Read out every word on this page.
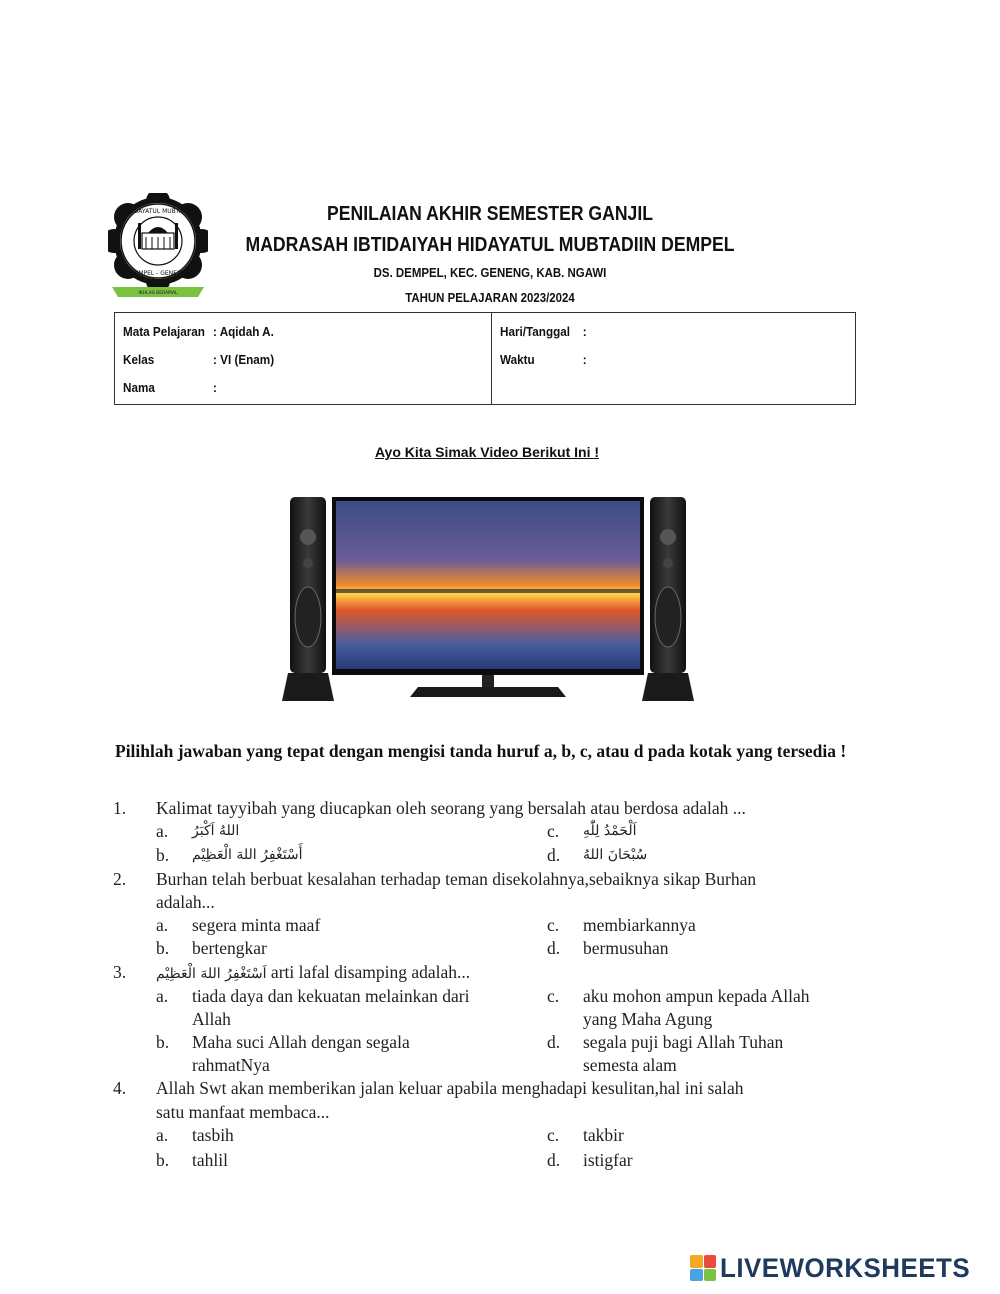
MI HIDAYATUL MUBTADI'IN
DEMPEL - GENENG
IKHLAS BERAMAL
PENILAIAN AKHIR SEMESTER GANJIL
MADRASAH IBTIDAIYAH HIDAYATUL MUBTADIIN DEMPEL
DS. DEMPEL, KEC. GENENG, KAB. NGAWI
TAHUN PELAJARAN 2023/2024
Mata Pelajaran : Aqidah A.
Kelas	: VI (Enam)
Nama	:
Hari/Tanggal :
Waktu	:
Ayo Kita Simak Video Berikut Ini !
Pilihlah jawaban yang tepat dengan mengisi tanda huruf a, b, c, atau d pada kotak yang tersedia !
1. Kalimat tayyibah yang diucapkan oleh seorang yang bersalah atau berdosa adalah ...
a. اللهُ اَكْبَرُ
b. أَسْتَغْفِرُ اللهَ الْعَظِيْم
c. اَلْحَمْدُ لِلّٰهِ
d. سُبْحَانَ اللهُ
2. Burhan telah berbuat kesalahan terhadap teman disekolahnya,sebaiknya sikap Burhan
adalah...
a. segera minta maaf
b. bertengkar
c. membiarkannya
d. bermusuhan
3. اَسْتَغْفِرُ اللهَ الْعَظِيْم arti lafal disamping adalah...
a. tiada daya dan kekuatan melainkan dari
Allah
b. Maha suci Allah dengan segala
rahmatNya
c. aku mohon ampun kepada Allah
yang Maha Agung
d. segala puji bagi Allah Tuhan
semesta alam
4. Allah Swt akan memberikan jalan keluar apabila menghadapi kesulitan,hal ini salah
satu manfaat membaca...
a. tasbih
b. tahlil
c. takbir
d. istigfar
LIVEWORKSHEETS
